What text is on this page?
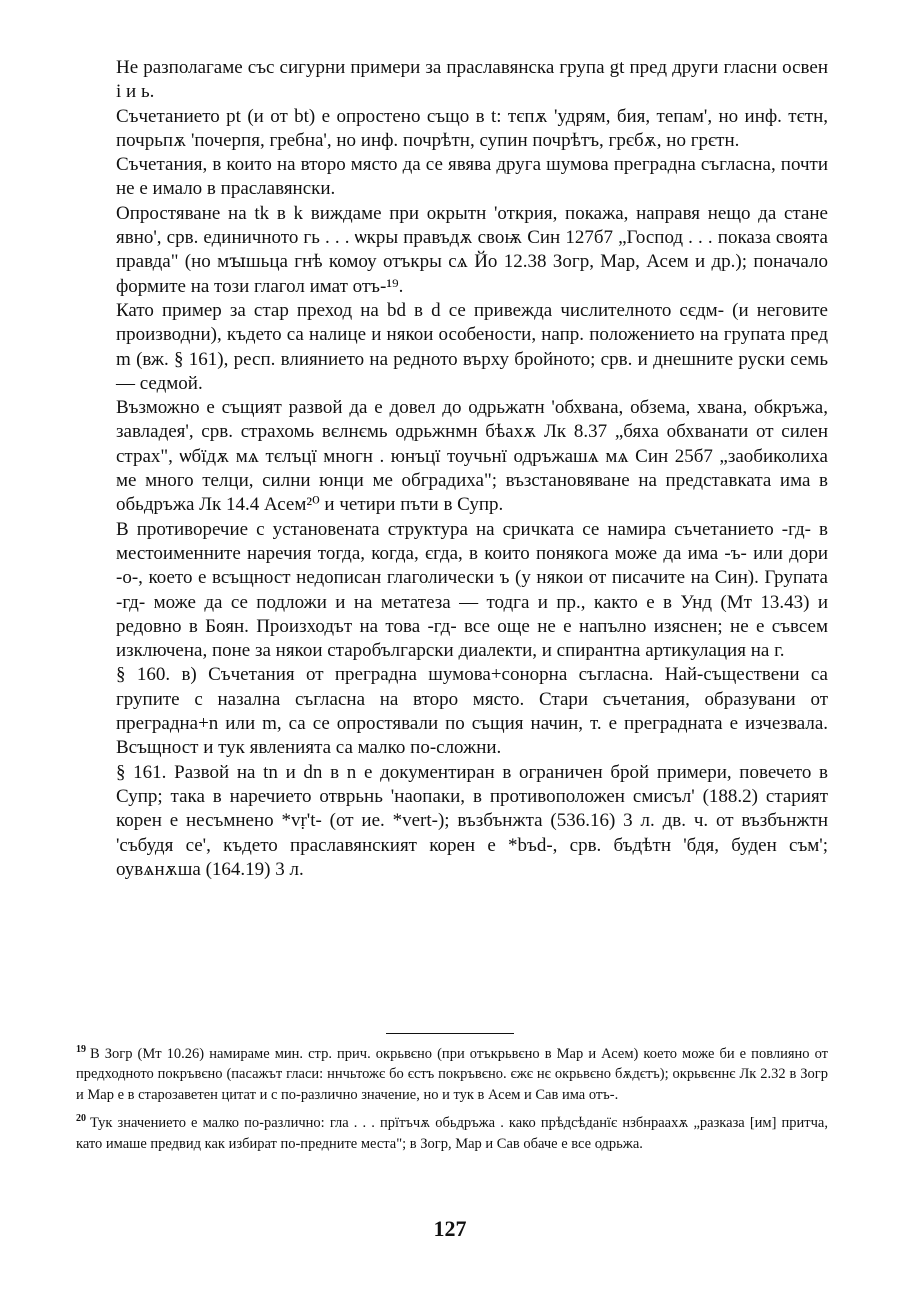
Не разполагаме със сигурни примери за праславянска група gt пред други гласни освен i и ь.

Съчетанието pt (и от bt) е опростено също в t: тєпѫ 'удрям, бия, тепам', но инф. тєтн, почрьпѫ 'почерпя, гребна', но инф. почрѣтн, супин почрѣтъ, грєбѫ, но грєтн.

Съчетания, в които на второ място да се явява друга шумова преградна съгласна, почти не е имало в праславянски.

Опростяване на tk в k виждаме при окрытн 'открия, покажа, направя нещо да стане явно', срв. единичното гь . . . ѡкры правъдѫ своѭ Син 127б7 „Господ . . . показа своята правда" (но мꙑшьца гнѣ комоу отъкры сѧ Йо 12.38 Зогр, Мар, Асем и др.); поначало формите на този глагол имат отъ-¹⁹.

Като пример за стар преход на bd в d се привежда числителното сєдм- (и неговите производни), където са налице и някои особености, напр. положението на групата пред m (вж. § 161), респ. влиянието на редното върху бройното; срв. и днешните руски семь — седмой.

Възможно е същият развой да е довел до одрьжатн 'обхвана, обзема, хвана, обкръжа, завладея', срв. страхомь вєлнємь одрьжнмн бѣахѫ Лк 8.37 „бяха обхванати от силен страх", ѡбїдѫ мѧ тєлъцї многн . юнъцї тоучьнї одръжашѧ мѧ Син 25б7 „заобиколиха ме много телци, силни юнци ме обградиха"; възстановяване на представката има в обьдръжа Лк 14.4 Асем²⁰ и четири пъти в Супр.

В противоречие с установената структура на сричката се намира съчетанието -гд- в местоименните наречия тогда, когда, єгда, в които понякога може да има -ъ- или дори -о-, което е всъщност недописан глаголически ъ (у някои от писачите на Син). Групата -гд- може да се подложи и на метатеза — тодга и пр., както е в Унд (Мт 13.43) и редовно в Боян. Произходът на това -гд- все още не е напълно изяснен; не е съвсем изключена, поне за някои старобългарски диалекти, и спирантна артикулация на г.

§ 160. в) Съчетания от преградна шумова+сонорна съгласна. Най-съществени са групите с назална съгласна на второ място. Стари съчетания, образувани от преградна+n или m, са се опростявали по същия начин, т. е преградната е изчезвала. Всъщност и тук явленията са малко по-сложни.

§ 161. Развой на tn и dn в n е документиран в ограничен брой примери, повечето в Супр; така в наречието отврьнь 'наопаки, в противоположен смисъл' (188.2) старият корен е несъмнено *vṛ't- (от ие. *vert-); възбънжта (536.16) 3 л. дв. ч. от възбънжтн 'събудя се', където праславянският корен е *bъd-, срв. бъдѣтн 'бдя, буден съм'; оувѧнѫша (164.19) 3 л.

$^{19}$ В Зогр (Мт 10.26) намираме мин. стр. прич. окрьвєно (при отъкрьвєно в Мар и Асем) което може би е повлияно от предходното покръвєно (пасажът гласи: ннчьтожє бо єстъ покръвєно. єжє нє окрьвєно бѫдєтъ); окрьвєннє Лк 2.32 в Зогр и Мар е в старозаветен цитат и с по-различно значение, но и тук в Асем и Сав има отъ-.

$^{20}$ Тук значението е малко по-различно: гла . . . прїтъчѫ обьдръжа . како прѣдсѣданїє нзбнраахѫ „разказа [им] притча, като имаше предвид как избират по-предните места"; в Зогр, Мар и Сав обаче е все одрьжа.

127
